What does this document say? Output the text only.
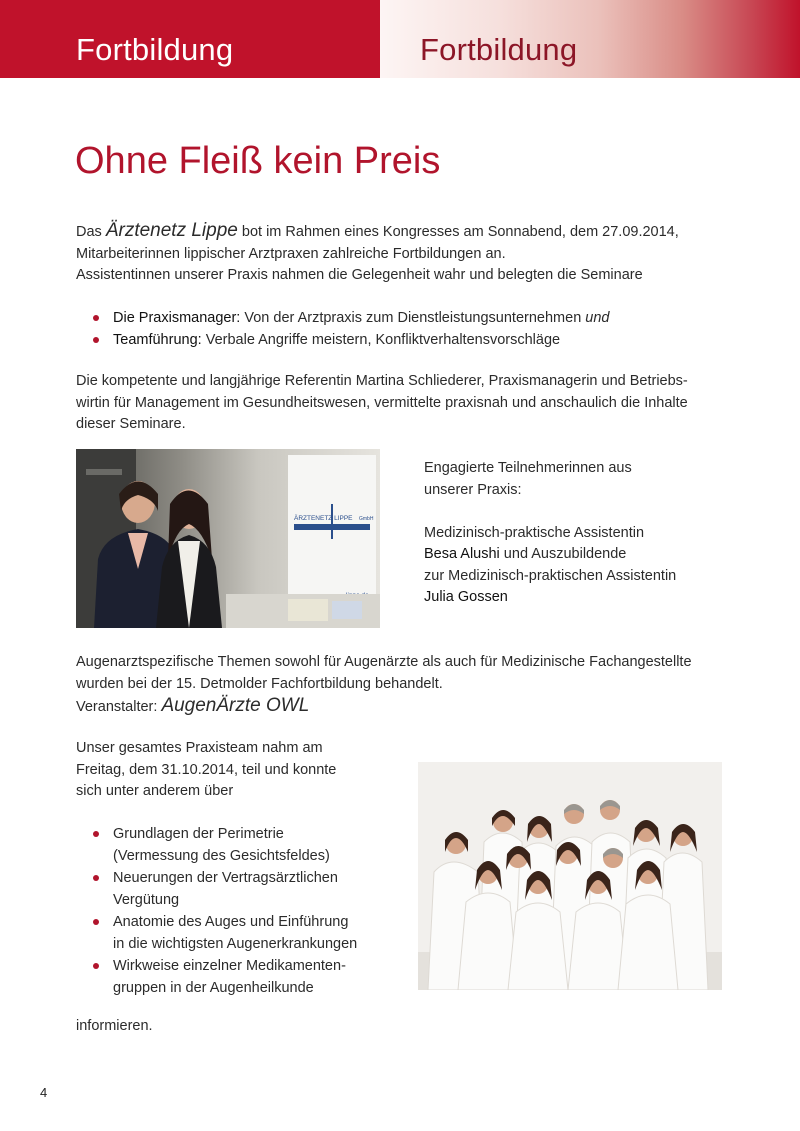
Fortbildung	Fortbildung
Ohne Fleiß kein Preis

Das Ärztenetz Lippe bot im Rahmen eines Kongresses am Sonnabend, dem 27.09.2014,

Mitarbeiterinnen lippischer Arztpraxen zahlreiche Fortbildungen an.

Assistentinnen unserer Praxis nahmen die Gelegenheit wahr und belegten die Seminare

Die Praxismanager: Von der Arztpraxis zum Dienstleistungsunternehmen und
Teamführung: Verbale Angriffe meistern, Konfliktverhaltensvorschläge

Die kompetente und langjährige Referentin Martina Schliederer, Praxismanagerin und Betriebs-

wirtin für Management im Gesundheitswesen, vermittelte praxisnah und anschaulich die Inhalte

dieser Seminare.

ÄRZTENETZ LIPPE GmbH

Engagierte Teilnehmerinnen aus

unserer Praxis:

Medizinisch-praktische Assistentin

Besa Alushi und Auszubildende

zur Medizinisch-praktischen Assistentin

Julia Gossen

Augenarztspezifische Themen sowohl für Augenärzte als auch für Medizinische Fachangestellte

wurden bei der 15. Detmolder Fachfortbildung behandelt.

Veranstalter: AugenÄrzte OWL

Unser gesamtes Praxisteam nahm am

Freitag, dem 31.10.2014, teil und konnte

sich unter anderem über

Grundlagen der Perimetrie
(Vermessung des Gesichtsfeldes)
Neuerungen der Vertragsärztlichen
Vergütung
Anatomie des Auges und Einführung
in die wichtigsten Augenerkrankungen
Wirkweise einzelner Medikamenten-
gruppen in der Augenheilkunde

informieren.

4
